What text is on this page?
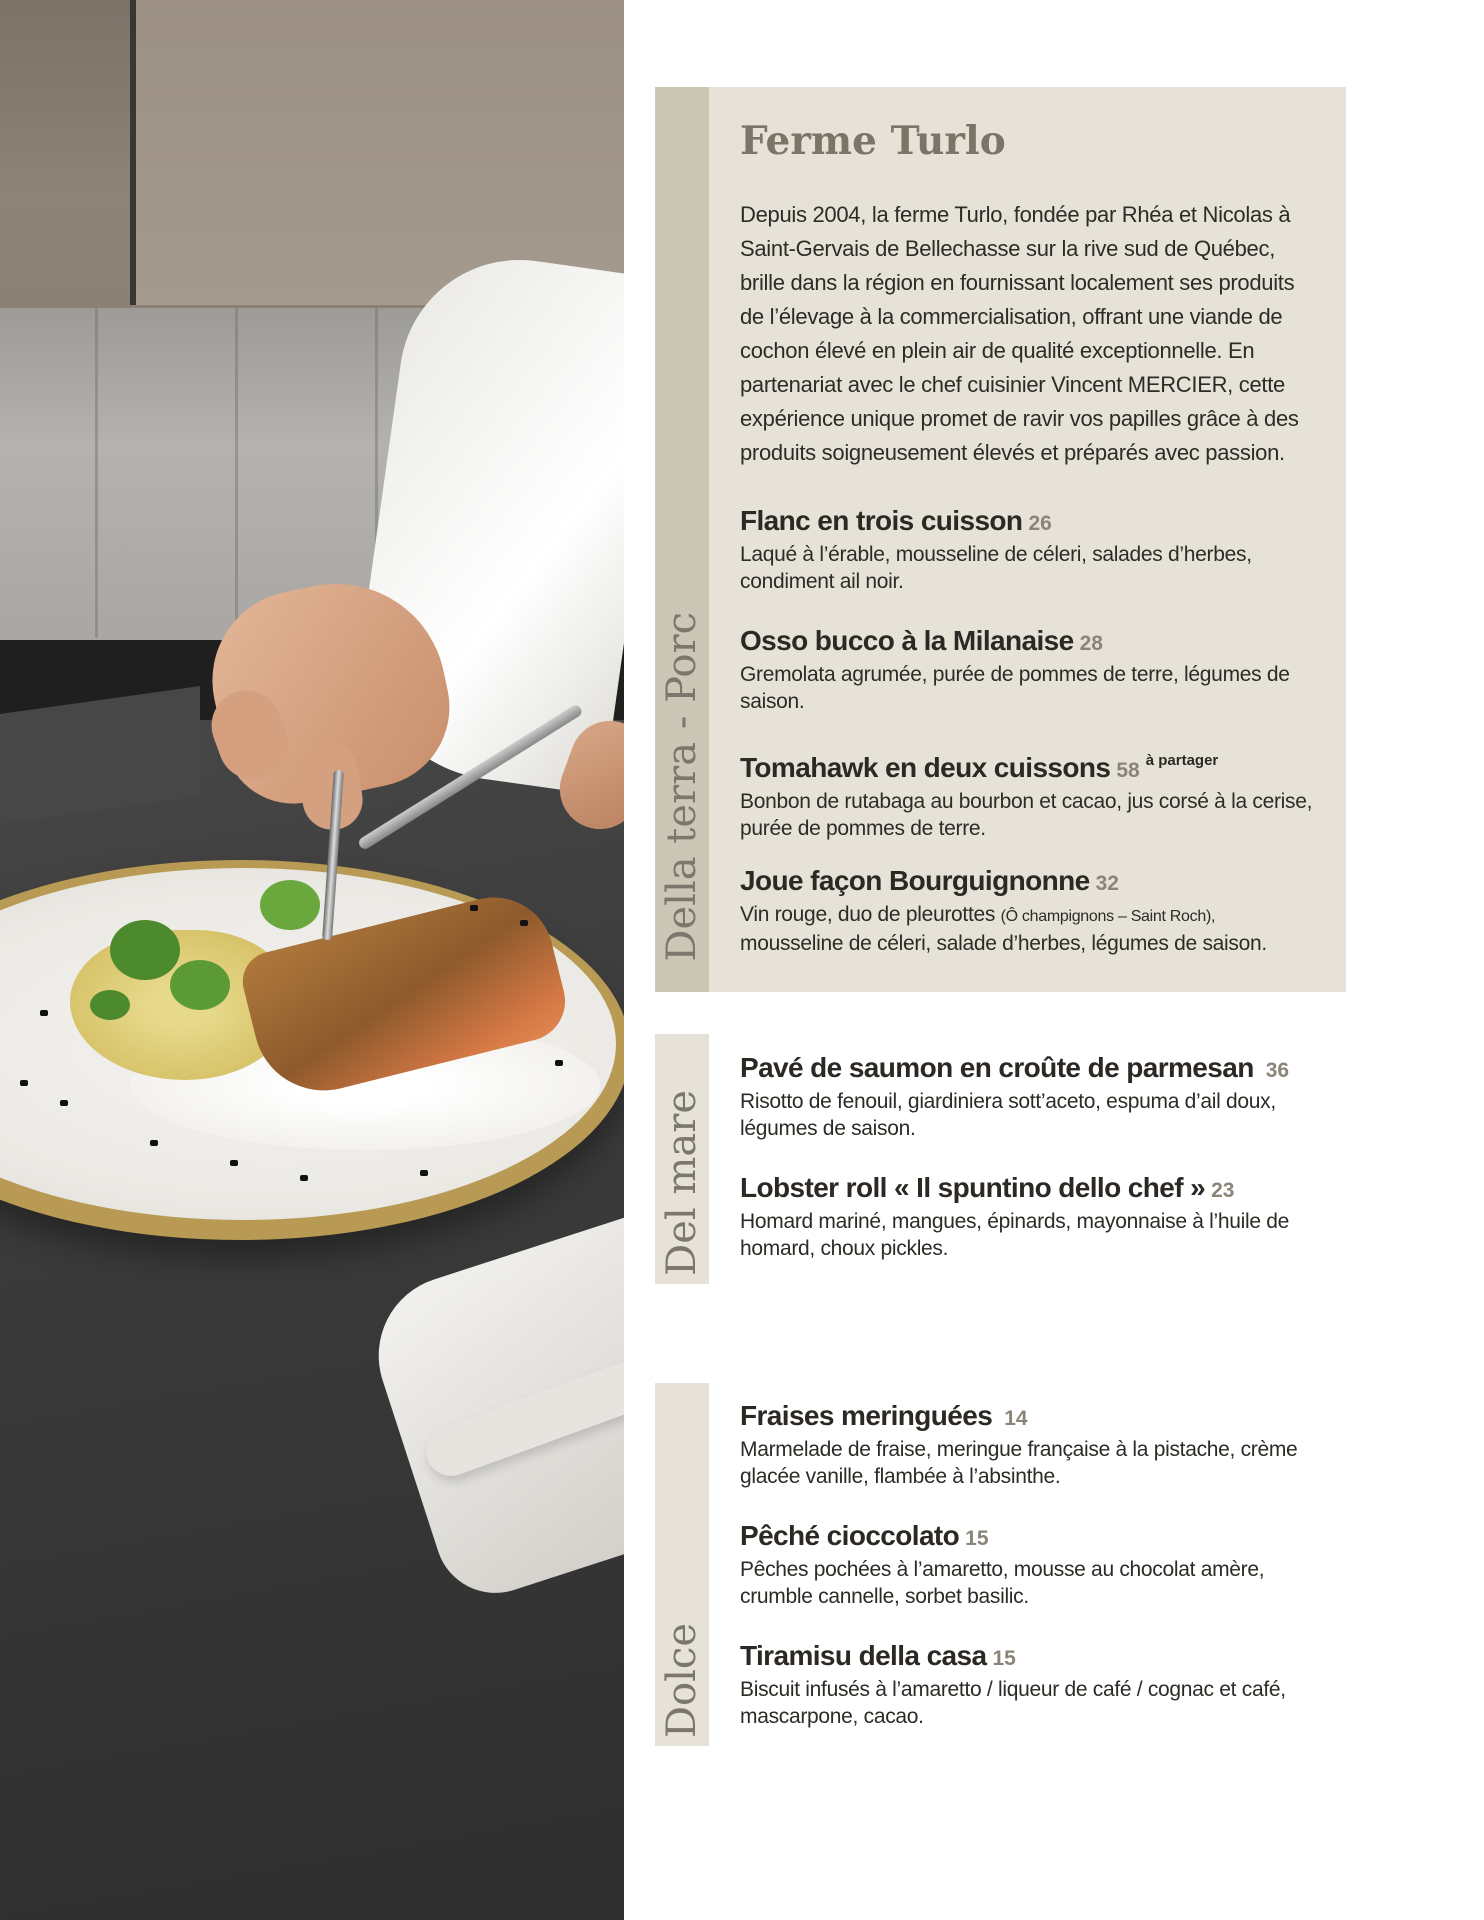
Della terra - Porc
Ferme Turlo

Depuis 2004, la ferme Turlo, fondée par Rhéa et Nicolas à Saint-Gervais de Bellechasse sur la rive sud de Québec, brille dans la région en fournissant localement ses produits de l’élevage à la commercialisation, offrant une viande de cochon élevé en plein air de qualité exceptionnelle. En partenariat avec le chef cuisinier Vincent MERCIER, cette expérience unique promet de ravir vos papilles grâce à des produits soigneusement élevés et préparés avec passion.

Flanc en trois cuisson 26
Laqué à l’érable, mousseline de céleri, salades d’herbes, condiment ail noir.
Osso bucco à la Milanaise 28
Gremolata agrumée, purée de pommes de terre, légumes de saison.
Tomahawk en deux cuissons 58 $^{à partager}$
Bonbon de rutabaga au bourbon et cacao, jus corsé à la cerise, purée de pommes de terre.
Joue façon Bourguignonne 32
Vin rouge, duo de pleurottes (Ô champignons – Saint Roch),
mousseline de céleri, salade d’herbes, légumes de saison.
Del mare
Pavé de saumon en croûte de parmesan 36
Risotto de fenouil, giardiniera sott’aceto, espuma d’ail doux, légumes de saison.
Lobster roll « Il spuntino dello chef » 23
Homard mariné, mangues, épinards, mayonnaise à l’huile de homard, choux pickles.
Dolce
Fraises meringuées 14
Marmelade de fraise, meringue française à la pistache, crème glacée vanille, flambée à l’absinthe.
Pêché cioccolato 15
Pêches pochées à l’amaretto, mousse au chocolat amère, crumble cannelle, sorbet basilic.
Tiramisu della casa 15
Biscuit infusés à l’amaretto / liqueur de café / cognac et café, mascarpone, cacao.
